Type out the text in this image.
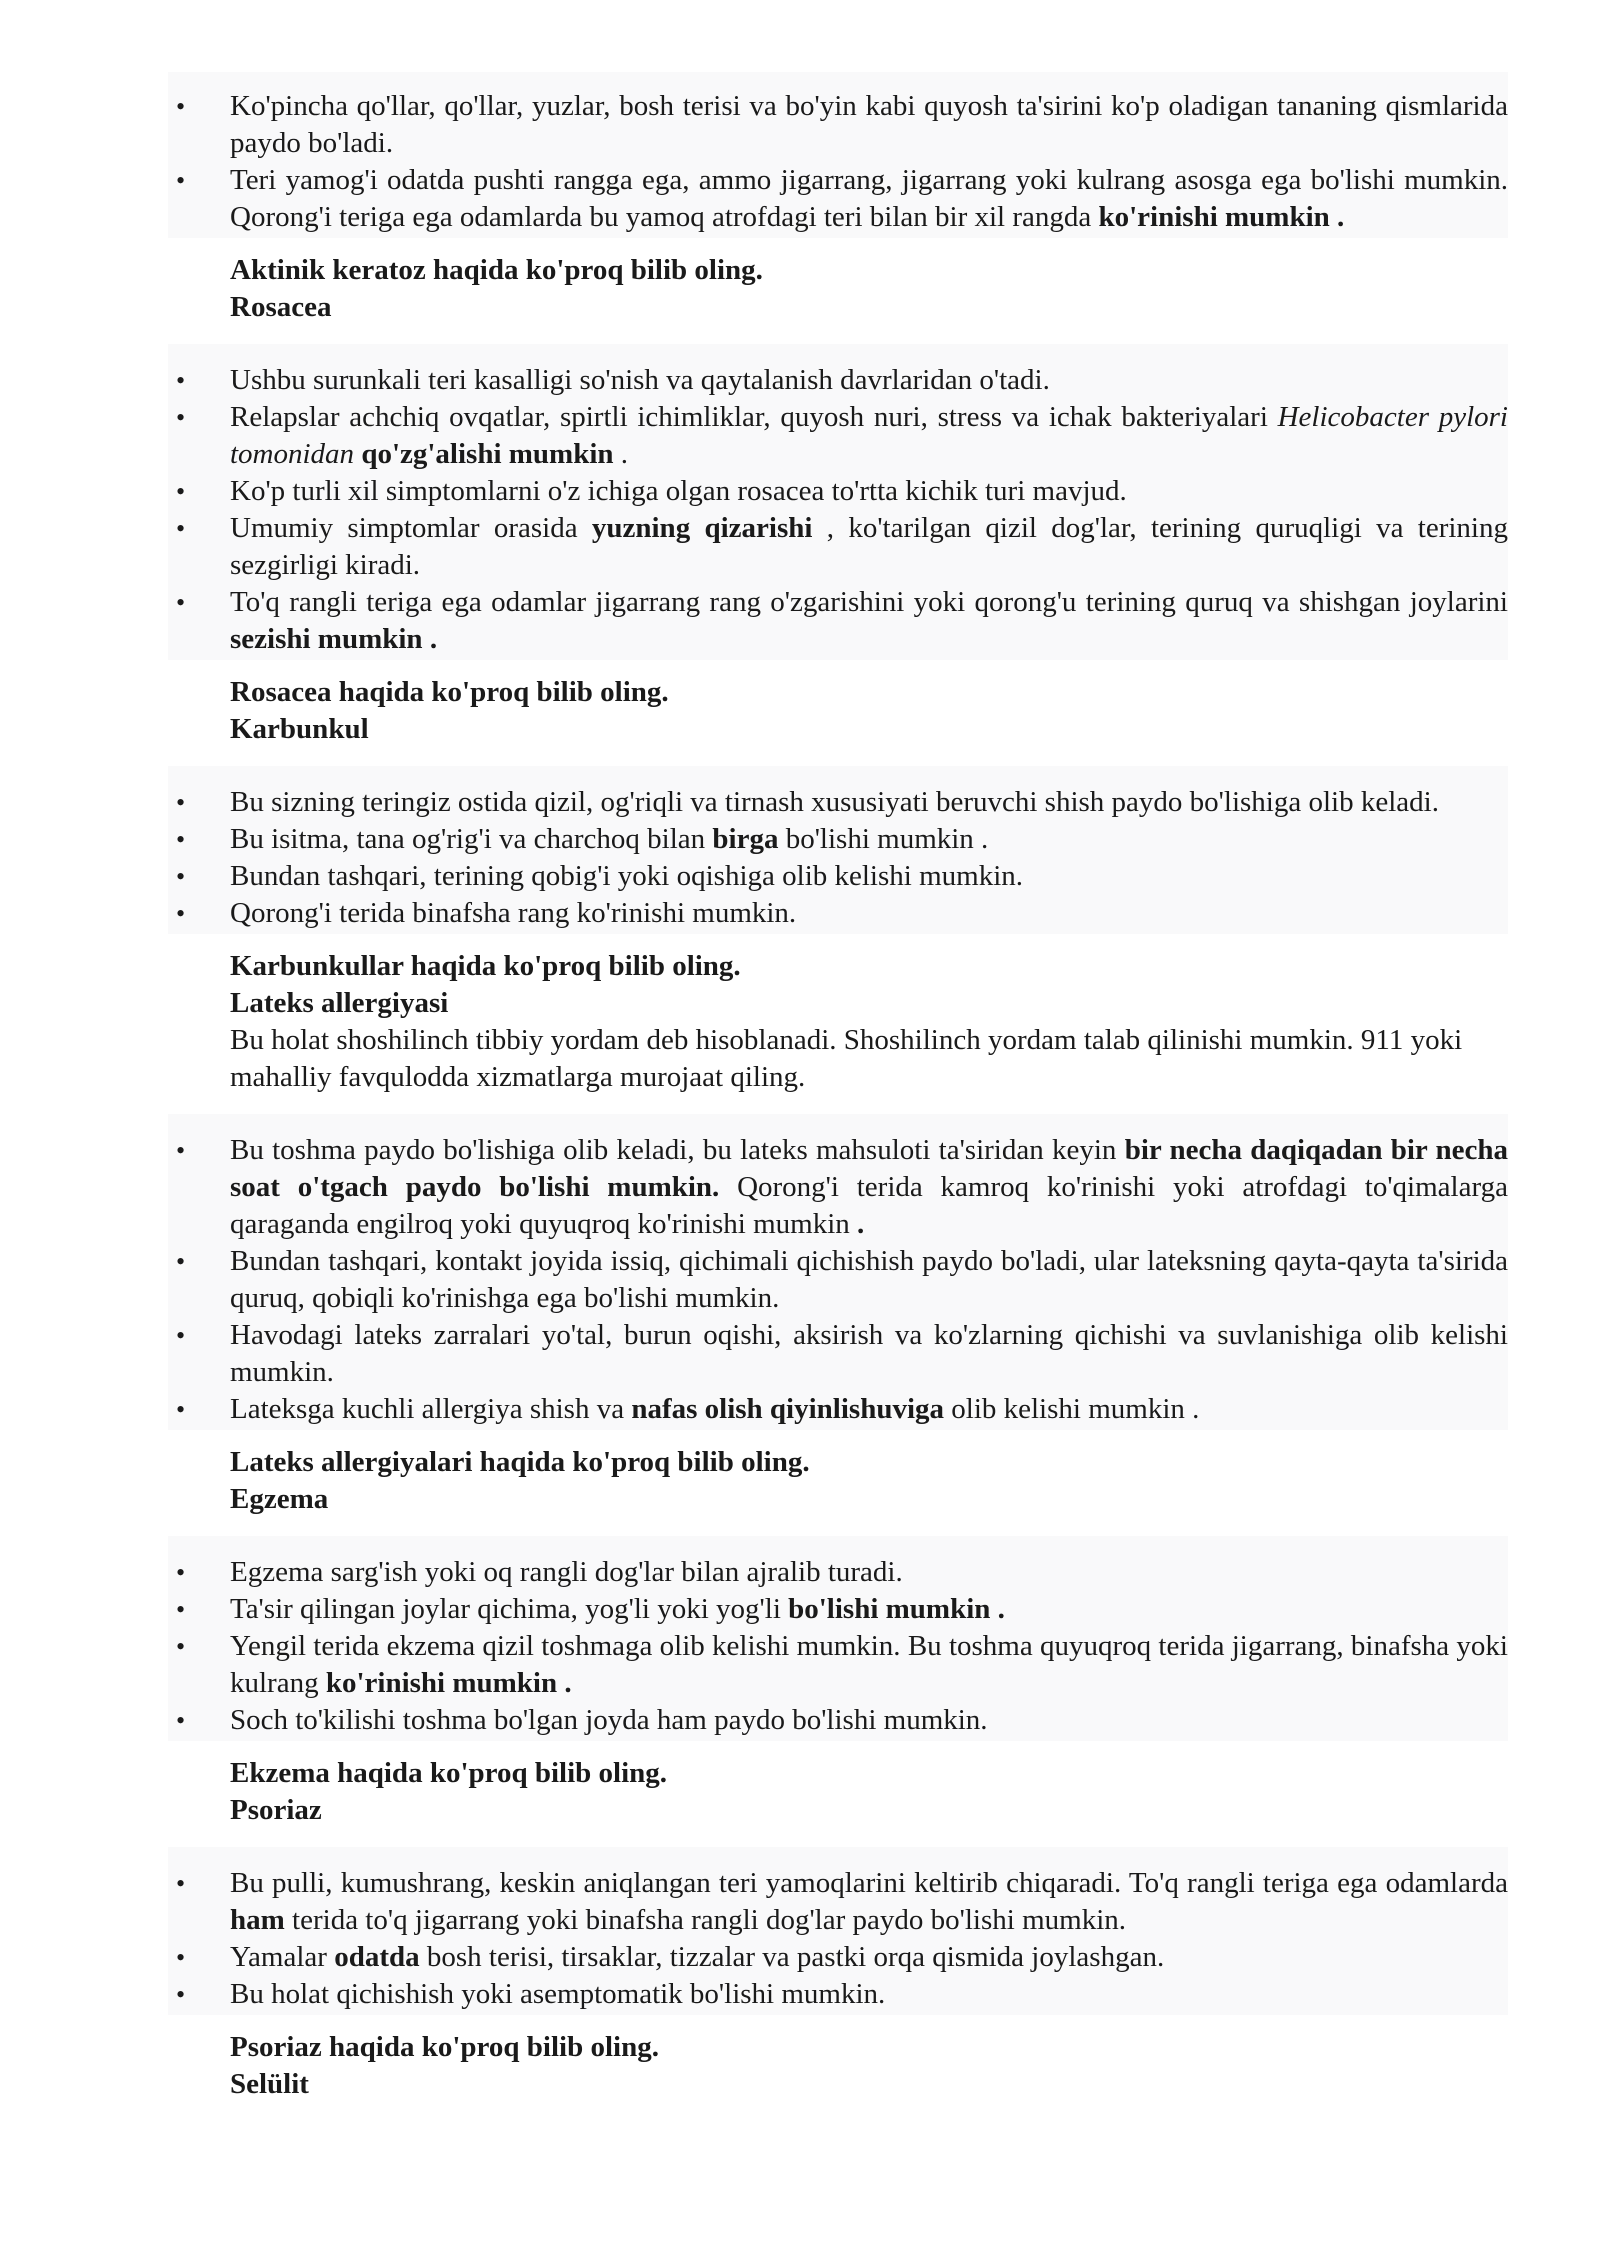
• Ko'pincha qo'llar, qo'llar, yuzlar, bosh terisi va bo'yin kabi quyosh ta'sirini ko'p oladigan tananing qismlarida paydo bo'ladi.
• Teri yamog'i odatda pushti rangga ega, ammo jigarrang, jigarrang yoki kulrang asosga ega bo'lishi mumkin. Qorong'i teriga ega odamlarda bu yamoq atrofdagi teri bilan bir xil rangda ko'rinishi mumkin .
Aktinik keratoz haqida ko'proq bilib oling.
Rosacea
• Ushbu surunkali teri kasalligi so'nish va qaytalanish davrlaridan o'tadi.
• Relapslar achchiq ovqatlar, spirtli ichimliklar, quyosh nuri, stress va ichak bakteriyalari Helicobacter pylori tomonidan qo'zg'alishi mumkin .
• Ko'p turli xil simptomlarni o'z ichiga olgan rosacea to'rtta kichik turi mavjud.
• Umumiy simptomlar orasida yuzning qizarishi , ko'tarilgan qizil dog'lar, terining quruqligi va terining sezgirligi kiradi.
• To'q rangli teriga ega odamlar jigarrang rang o'zgarishini yoki qorong'u terining quruq va shishgan joylarini sezishi mumkin .
Rosacea haqida ko'proq bilib oling.
Karbunkul
• Bu sizning teringiz ostida qizil, og'riqli va tirnash xususiyati beruvchi shish paydo bo'lishiga olib keladi.
• Bu isitma, tana og'rig'i va charchoq bilan birga bo'lishi mumkin .
• Bundan tashqari, terining qobig'i yoki oqishiga olib kelishi mumkin.
• Qorong'i terida binafsha rang ko'rinishi mumkin.
Karbunkullar haqida ko'proq bilib oling.
Lateks allergiyasi
Bu holat shoshilinch tibbiy yordam deb hisoblanadi. Shoshilinch yordam talab qilinishi mumkin. 911 yoki mahalliy favqulodda xizmatlarga murojaat qiling.
• Bu toshma paydo bo'lishiga olib keladi, bu lateks mahsuloti ta'siridan keyin bir necha daqiqadan bir necha soat o'tgach paydo bo'lishi mumkin. Qorong'i terida kamroq ko'rinishi yoki atrofdagi to'qimalarga qaraganda engilroq yoki quyuqroq ko'rinishi mumkin .
• Bundan tashqari, kontakt joyida issiq, qichimali qichishish paydo bo'ladi, ular lateksning qayta-qayta ta'sirida quruq, qobiqli ko'rinishga ega bo'lishi mumkin.
• Havodagi lateks zarralari yo'tal, burun oqishi, aksirish va ko'zlarning qichishi va suvlanishiga olib kelishi mumkin.
• Lateksga kuchli allergiya shish va nafas olish qiyinlishuviga olib kelishi mumkin .
Lateks allergiyalari haqida ko'proq bilib oling.
Egzema
• Egzema sarg'ish yoki oq rangli dog'lar bilan ajralib turadi.
• Ta'sir qilingan joylar qichima, yog'li yoki yog'li bo'lishi mumkin .
• Yengil terida ekzema qizil toshmaga olib kelishi mumkin. Bu toshma quyuqroq terida jigarrang, binafsha yoki kulrang ko'rinishi mumkin .
• Soch to'kilishi toshma bo'lgan joyda ham paydo bo'lishi mumkin.
Ekzema haqida ko'proq bilib oling.
Psoriaz
• Bu pulli, kumushrang, keskin aniqlangan teri yamoqlarini keltirib chiqaradi. To'q rangli teriga ega odamlarda ham terida to'q jigarrang yoki binafsha rangli dog'lar paydo bo'lishi mumkin.
• Yamalar odatda bosh terisi, tirsaklar, tizzalar va pastki orqa qismida joylashgan.
• Bu holat qichishish yoki asemptomatik bo'lishi mumkin.
Psoriaz haqida ko'proq bilib oling.
Selülit
